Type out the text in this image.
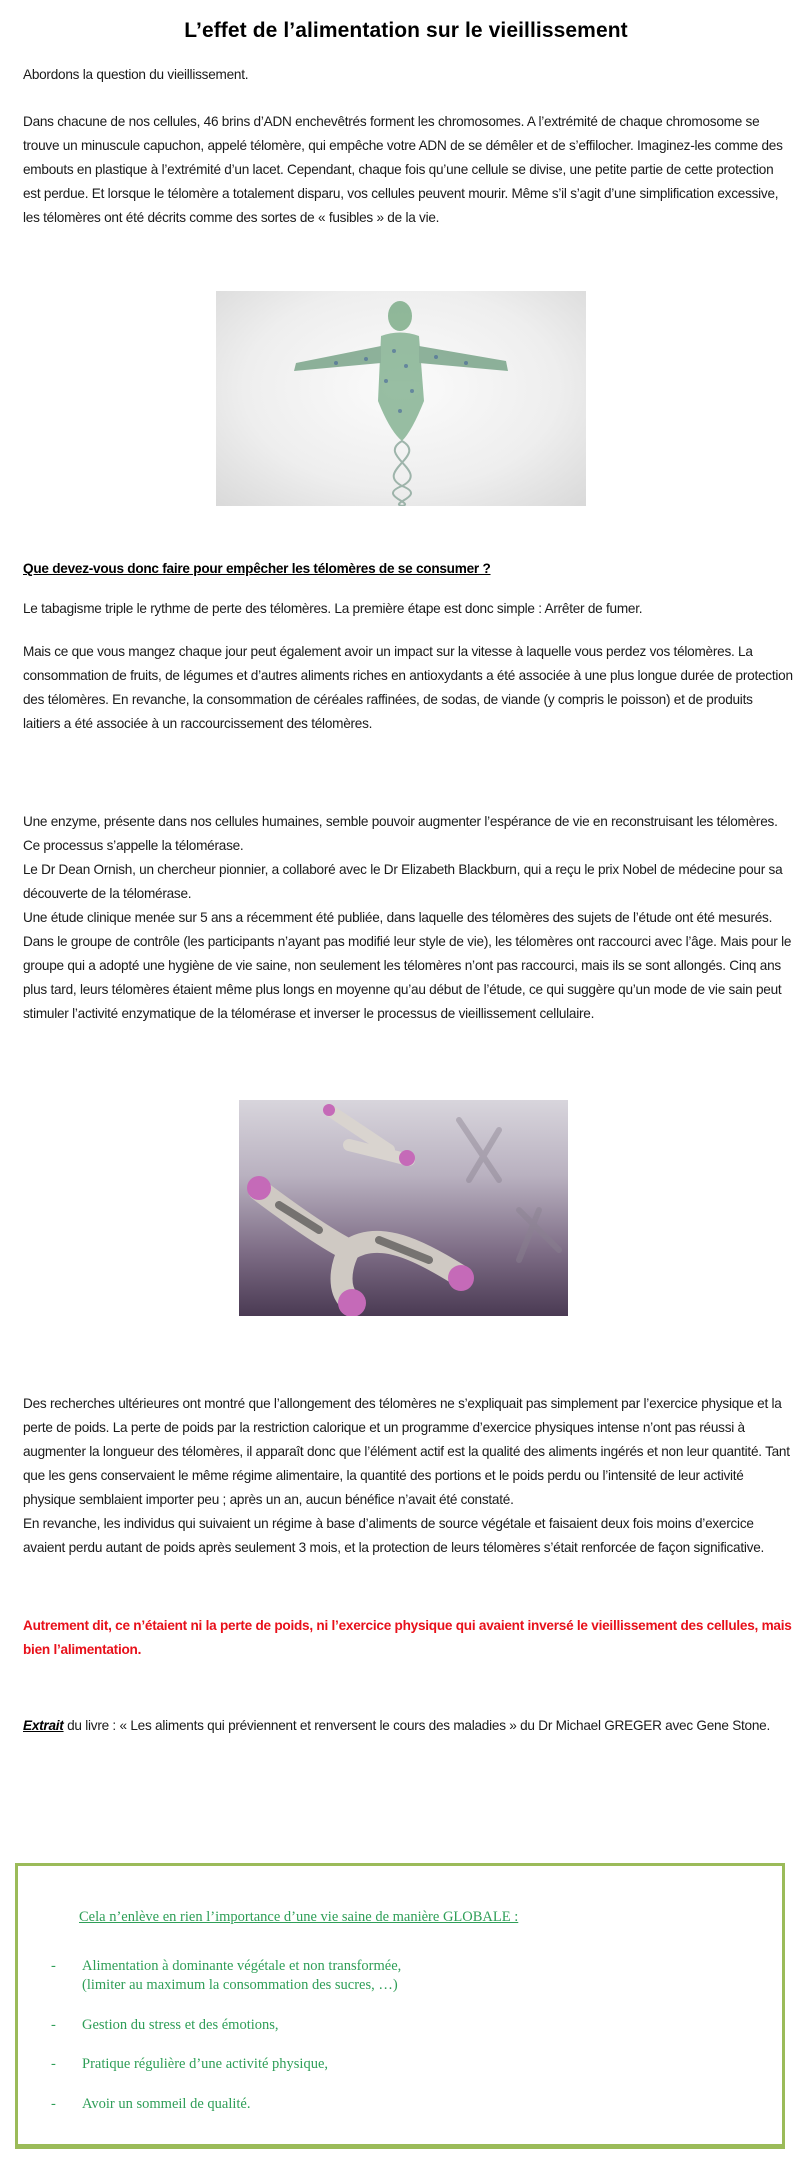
L’effet de l’alimentation sur le vieillissement

Abordons la question du vieillissement.

Dans chacune de nos cellules, 46 brins d’ADN enchevêtrés forment les chromosomes. A l’extrémité de chaque chromosome se trouve un minuscule capuchon, appelé télomère, qui empêche votre ADN de se démêler et de s’effilocher. Imaginez-les comme des embouts en plastique à l’extrémité d’un lacet. Cependant, chaque fois qu’une cellule se divise, une petite partie de cette protection est perdue. Et lorsque le télomère a totalement disparu, vos cellules peuvent mourir. Même s’il s’agit d’une simplification excessive, les télomères ont été décrits comme des sortes de « fusibles » de la vie.

Que devez-vous donc faire pour empêcher les télomères de se consumer ?

Le tabagisme triple le rythme de perte des télomères. La première étape est donc simple : Arrêter de fumer.

Mais ce que vous mangez chaque jour peut également avoir un impact sur la vitesse à laquelle vous perdez vos télomères. La consommation de fruits, de légumes et d’autres aliments riches en antioxydants a été associée à une plus longue durée de protection des télomères. En revanche, la consommation de céréales raffinées, de sodas, de viande (y compris le poisson) et de produits laitiers a été associée à un raccourcissement des télomères.

Une enzyme, présente dans nos cellules humaines, semble pouvoir augmenter l’espérance de vie en reconstruisant les télomères. Ce processus s’appelle la télomérase.

Le Dr Dean Ornish, un chercheur pionnier, a collaboré avec le Dr Elizabeth Blackburn, qui a reçu le prix Nobel de médecine pour sa découverte de la télomérase.

Une étude clinique menée sur 5 ans a récemment été publiée, dans laquelle des télomères des sujets de l’étude ont été mesurés. Dans le groupe de contrôle (les participants n’ayant pas modifié leur style de vie), les télomères ont raccourci avec l’âge. Mais pour le groupe qui a adopté une hygiène de vie saine, non seulement les télomères n’ont pas raccourci, mais ils se sont allongés. Cinq ans plus tard, leurs télomères étaient même plus longs en moyenne qu’au début de l’étude, ce qui suggère qu’un mode de vie sain peut stimuler l’activité enzymatique de la télomérase et inverser le processus de vieillissement cellulaire.

Des recherches ultérieures ont montré que l’allongement des télomères ne s’expliquait pas simplement par l’exercice physique et la perte de poids. La perte de poids par la restriction calorique et un programme d’exercice physiques intense n’ont pas réussi à augmenter la longueur des télomères, il apparaît donc que l’élément actif est la qualité des aliments ingérés et non leur quantité. Tant que les gens conservaient le même régime alimentaire, la quantité des portions et le poids perdu ou l’intensité de leur activité physique semblaient importer peu ; après un an, aucun bénéfice n’avait été constaté.

En revanche, les individus qui suivaient un régime à base d’aliments de source végétale et faisaient deux fois moins d’exercice avaient perdu autant de poids après seulement 3 mois, et la protection de leurs télomères s’était renforcée de façon significative.

Autrement dit, ce n’étaient ni la perte de poids, ni l’exercice physique qui avaient inversé le vieillissement des cellules, mais bien l’alimentation.

Extrait du livre : « Les aliments qui préviennent et renversent le cours des maladies » du Dr Michael GREGER avec Gene Stone.

Cela n’enlève en rien l’importance d’une vie saine de manière GLOBALE :
- Alimentation à dominante végétale et non transformée,
(limiter au maximum la consommation des sucres, …)
- Gestion du stress et des émotions,
- Pratique régulière d’une activité physique,
- Avoir un sommeil de qualité.
